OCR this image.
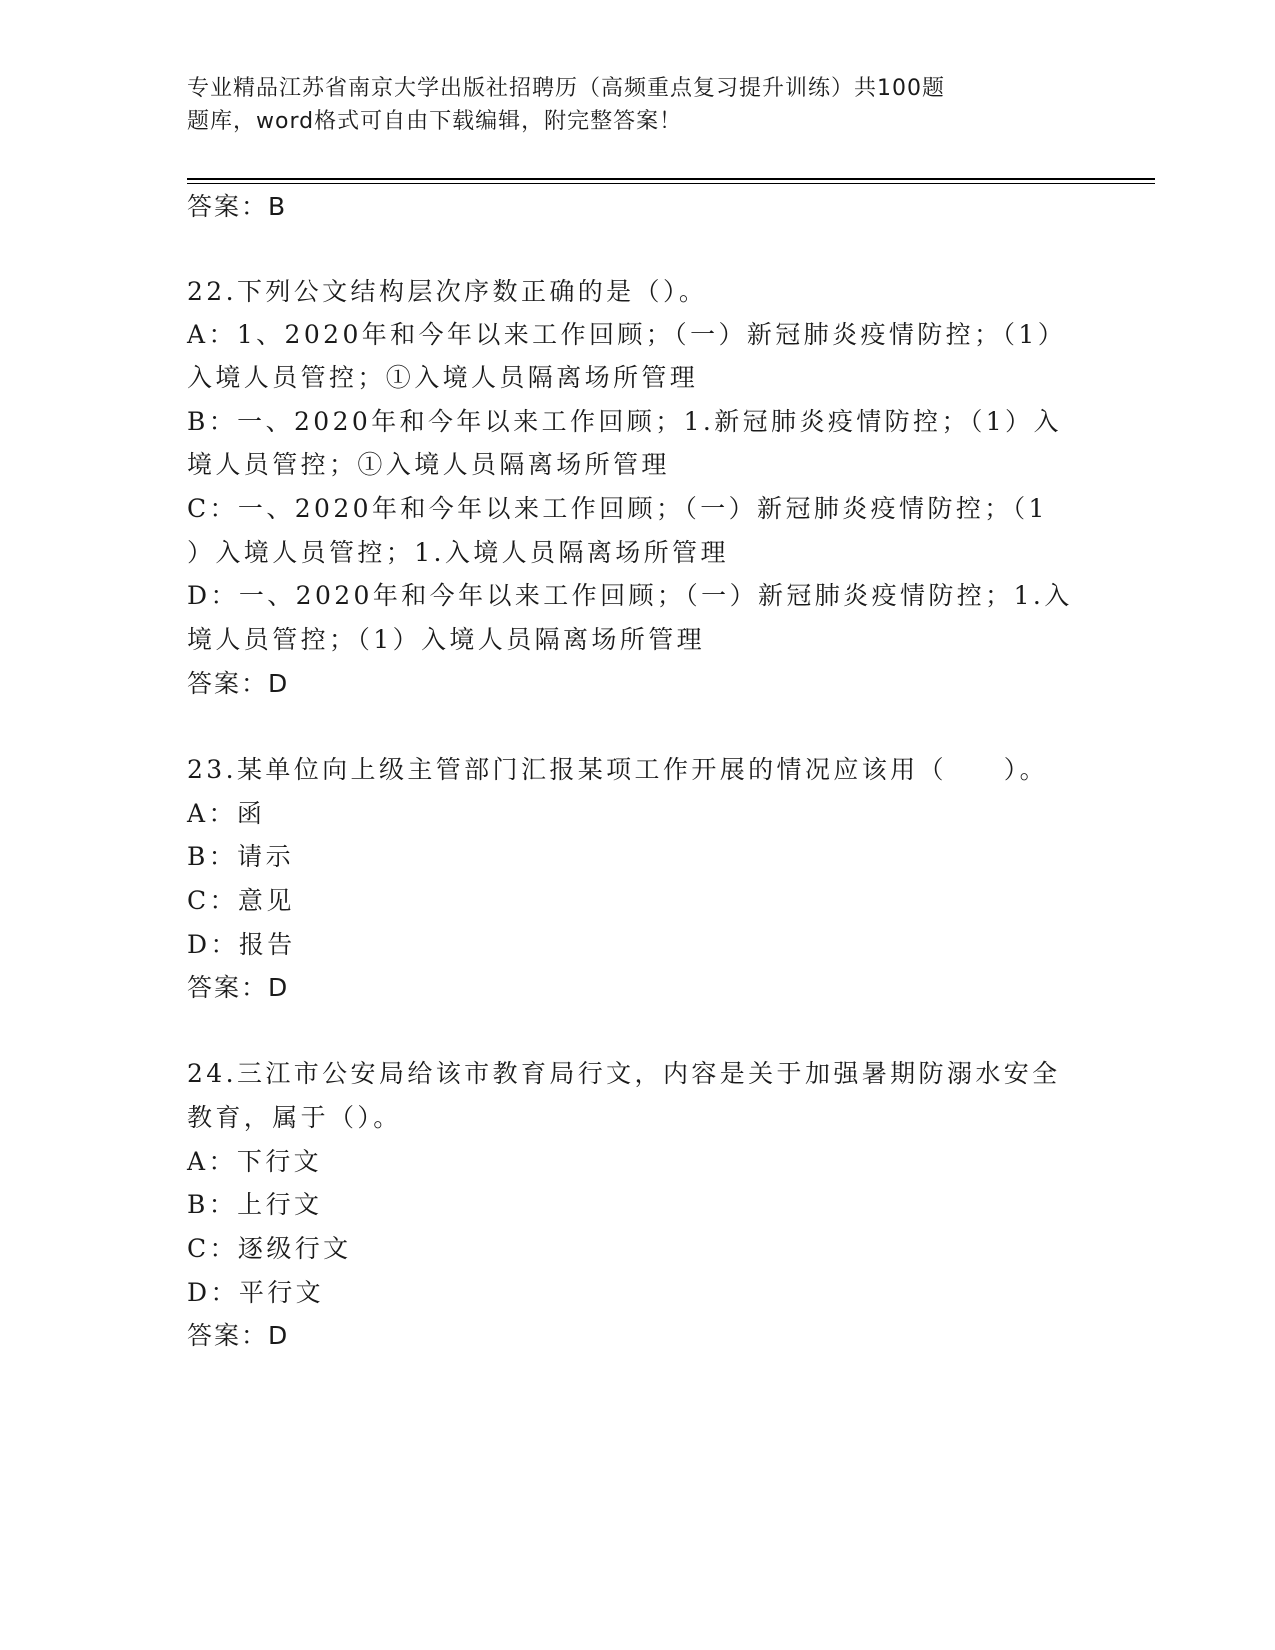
专业精品江苏省南京大学出版社招聘历（高频重点复习提升训练）共100题
题库，word格式可自由下载编辑，附完整答案！
答案：B
22.下列公文结构层次序数正确的是（）。
A：1、2020年和今年以来工作回顾；（一）新冠肺炎疫情防控；（1）
入境人员管控；①入境人员隔离场所管理
B：一、2020年和今年以来工作回顾；1.新冠肺炎疫情防控；（1）入
境人员管控；①入境人员隔离场所管理
C：一、2020年和今年以来工作回顾；（一）新冠肺炎疫情防控；（1
）入境人员管控；1.入境人员隔离场所管理
D：一、2020年和今年以来工作回顾；（一）新冠肺炎疫情防控；1.入
境人员管控；（1）入境人员隔离场所管理
答案：D
23.某单位向上级主管部门汇报某项工作开展的情况应该用（　　）。
A：函
B：请示
C：意见
D：报告
答案：D
24.三江市公安局给该市教育局行文，内容是关于加强暑期防溺水安全
教育，属于（）。
A：下行文
B：上行文
C：逐级行文
D：平行文
答案：D
